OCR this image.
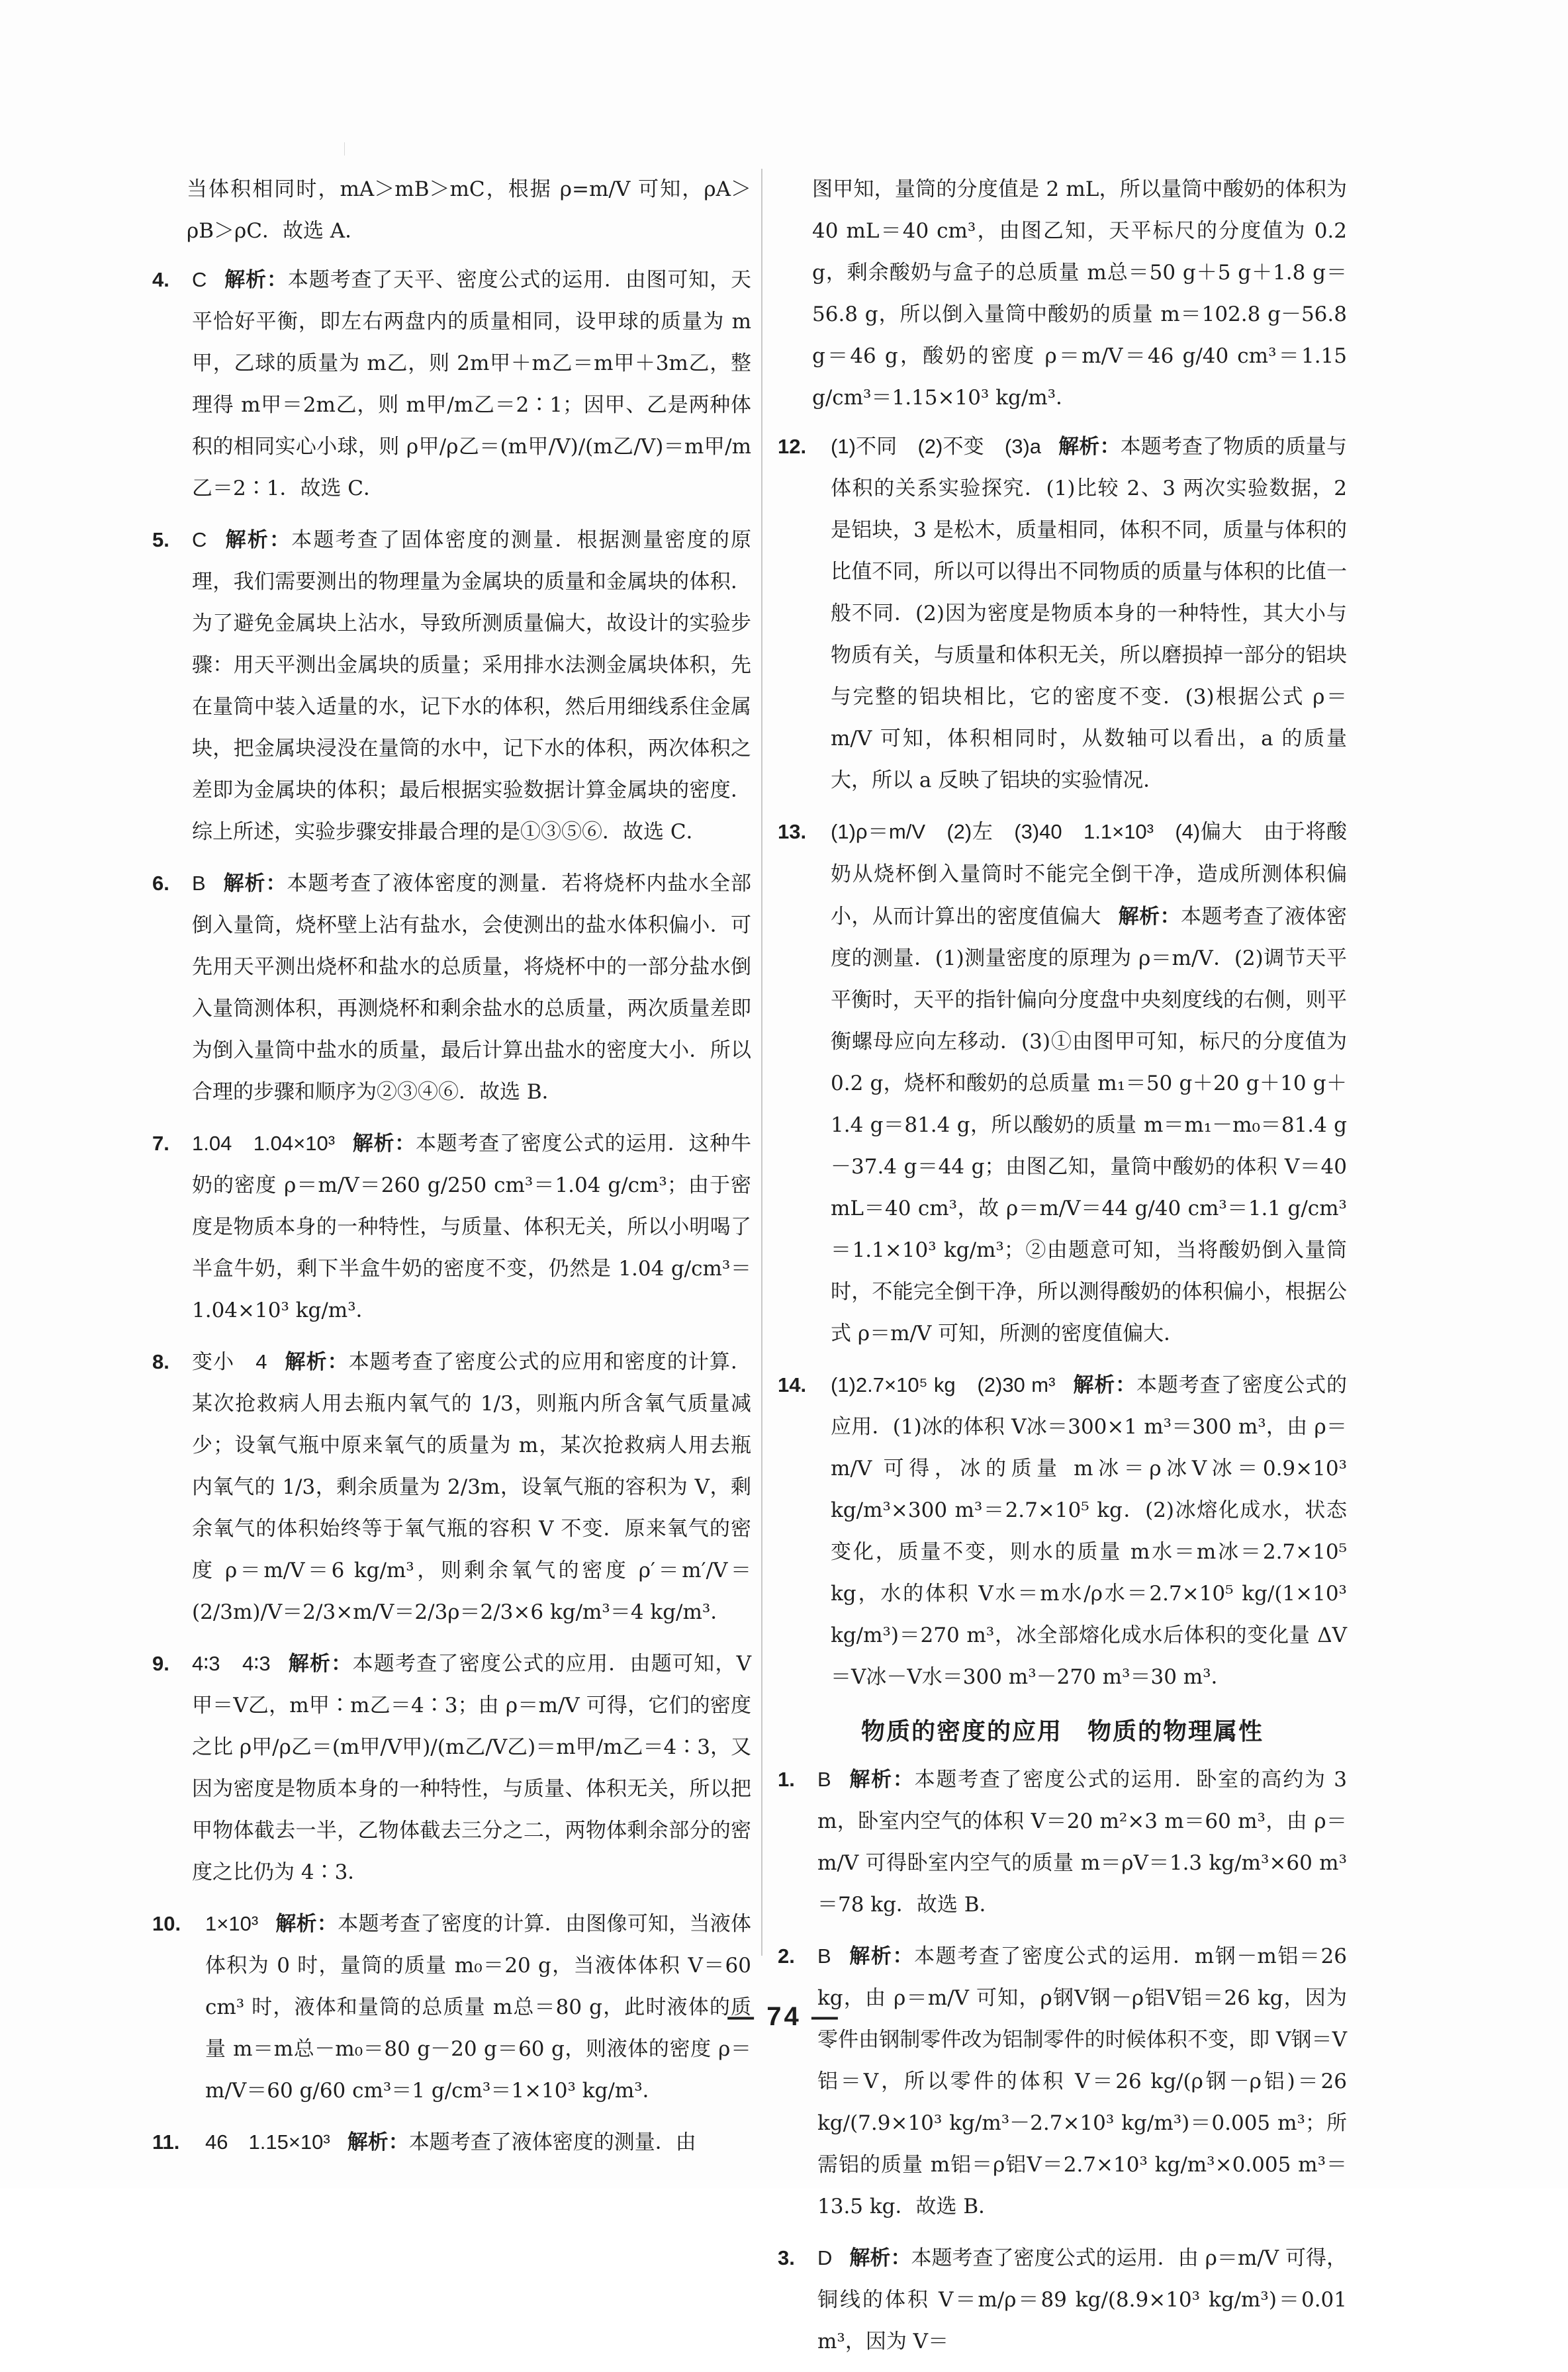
当体积相同时，mA＞mB＞mC，根据 ρ=m/V 可知，ρA＞ρB＞ρC．故选 A．
4. C 解析：本题考查了天平、密度公式的运用．由图可知，天平恰好平衡，即左右两盘内的质量相同，设甲球的质量为 m甲，乙球的质量为 m乙，则 2m甲＋m乙＝m甲＋3m乙，整理得 m甲＝2m乙，则 m甲/m乙＝2∶1；因甲、乙是两种体积的相同实心小球，则 ρ甲/ρ乙＝(m甲/V)/(m乙/V)＝m甲/m乙＝2∶1．故选 C．
5. C 解析：本题考查了固体密度的测量．根据测量密度的原理，我们需要测出的物理量为金属块的质量和金属块的体积．为了避免金属块上沾水，导致所测质量偏大，故设计的实验步骤：用天平测出金属块的质量；采用排水法测金属块体积，先在量筒中装入适量的水，记下水的体积，然后用细线系住金属块，把金属块浸没在量筒的水中，记下水的体积，两次体积之差即为金属块的体积；最后根据实验数据计算金属块的密度．综上所述，实验步骤安排最合理的是①③⑤⑥．故选 C．
6. B 解析：本题考查了液体密度的测量．若将烧杯内盐水全部倒入量筒，烧杯壁上沾有盐水，会使测出的盐水体积偏小．可先用天平测出烧杯和盐水的总质量，将烧杯中的一部分盐水倒入量筒测体积，再测烧杯和剩余盐水的总质量，两次质量差即为倒入量筒中盐水的质量，最后计算出盐水的密度大小．所以合理的步骤和顺序为②③④⑥．故选 B．
7. 1.04　1.04×10³ 解析：本题考查了密度公式的运用．这种牛奶的密度 ρ＝m/V＝260 g/250 cm³＝1.04 g/cm³；由于密度是物质本身的一种特性，与质量、体积无关，所以小明喝了半盒牛奶，剩下半盒牛奶的密度不变，仍然是 1.04 g/cm³＝1.04×10³ kg/m³．
8. 变小　4 解析：本题考查了密度公式的应用和密度的计算．某次抢救病人用去瓶内氧气的 1/3，则瓶内所含氧气质量减少；设氧气瓶中原来氧气的质量为 m，某次抢救病人用去瓶内氧气的 1/3，剩余质量为 2/3m，设氧气瓶的容积为 V，剩余氧气的体积始终等于氧气瓶的容积 V 不变．原来氧气的密度 ρ＝m/V＝6 kg/m³，则剩余氧气的密度 ρ′＝m′/V＝(2/3m)/V＝2/3×m/V＝2/3ρ＝2/3×6 kg/m³＝4 kg/m³．
9. 4∶3　4∶3 解析：本题考查了密度公式的应用．由题可知，V甲＝V乙，m甲∶m乙＝4∶3；由 ρ＝m/V 可得，它们的密度之比 ρ甲/ρ乙＝(m甲/V甲)/(m乙/V乙)＝m甲/m乙＝4∶3，又因为密度是物质本身的一种特性，与质量、体积无关，所以把甲物体截去一半，乙物体截去三分之二，两物体剩余部分的密度之比仍为 4∶3．
10. 1×10³ 解析：本题考查了密度的计算．由图像可知，当液体体积为 0 时，量筒的质量 m₀＝20 g，当液体体积 V＝60 cm³ 时，液体和量筒的总质量 m总＝80 g，此时液体的质量 m＝m总－m₀＝80 g－20 g＝60 g，则液体的密度 ρ＝m/V＝60 g/60 cm³＝1 g/cm³＝1×10³ kg/m³．
11. 46　1.15×10³ 解析：本题考查了液体密度的测量．由
图甲知，量筒的分度值是 2 mL，所以量筒中酸奶的体积为 40 mL＝40 cm³，由图乙知，天平标尺的分度值为 0.2 g，剩余酸奶与盒子的总质量 m总＝50 g＋5 g＋1.8 g＝56.8 g，所以倒入量筒中酸奶的质量 m＝102.8 g－56.8 g＝46 g，酸奶的密度 ρ＝m/V＝46 g/40 cm³＝1.15 g/cm³＝1.15×10³ kg/m³．
12. (1)不同　(2)不变　(3)a 解析：本题考查了物质的质量与体积的关系实验探究．(1)比较 2、3 两次实验数据，2 是铝块，3 是松木，质量相同，体积不同，质量与体积的比值不同，所以可以得出不同物质的质量与体积的比值一般不同．(2)因为密度是物质本身的一种特性，其大小与物质有关，与质量和体积无关，所以磨损掉一部分的铝块与完整的铝块相比，它的密度不变．(3)根据公式 ρ＝m/V 可知，体积相同时，从数轴可以看出，a 的质量大，所以 a 反映了铝块的实验情况．
13. (1)ρ＝m/V　(2)左　(3)40　1.1×10³　(4)偏大　由于将酸奶从烧杯倒入量筒时不能完全倒干净，造成所测体积偏小，从而计算出的密度值偏大 解析：本题考查了液体密度的测量．(1)测量密度的原理为 ρ＝m/V．(2)调节天平平衡时，天平的指针偏向分度盘中央刻度线的右侧，则平衡螺母应向左移动．(3)①由图甲可知，标尺的分度值为 0.2 g，烧杯和酸奶的总质量 m₁＝50 g＋20 g＋10 g＋1.4 g＝81.4 g，所以酸奶的质量 m＝m₁－m₀＝81.4 g－37.4 g＝44 g；由图乙知，量筒中酸奶的体积 V＝40 mL＝40 cm³，故 ρ＝m/V＝44 g/40 cm³＝1.1 g/cm³＝1.1×10³ kg/m³；②由题意可知，当将酸奶倒入量筒时，不能完全倒干净，所以测得酸奶的体积偏小，根据公式 ρ＝m/V 可知，所测的密度值偏大．
14. (1)2.7×10⁵ kg　(2)30 m³ 解析：本题考查了密度公式的应用．(1)冰的体积 V冰＝300×1 m³＝300 m³，由 ρ＝m/V 可得，冰的质量 m冰＝ρ冰V冰＝0.9×10³ kg/m³×300 m³＝2.7×10⁵ kg．(2)冰熔化成水，状态变化，质量不变，则水的质量 m水＝m冰＝2.7×10⁵ kg，水的体积 V水＝m水/ρ水＝2.7×10⁵ kg/(1×10³ kg/m³)＝270 m³，冰全部熔化成水后体积的变化量 ΔV＝V冰－V水＝300 m³－270 m³＝30 m³．
物质的密度的应用　物质的物理属性
1. B 解析：本题考查了密度公式的运用．卧室的高约为 3 m，卧室内空气的体积 V＝20 m²×3 m＝60 m³，由 ρ＝m/V 可得卧室内空气的质量 m＝ρV＝1.3 kg/m³×60 m³＝78 kg．故选 B．
2. B 解析：本题考查了密度公式的运用．m钢－m铝＝26 kg，由 ρ＝m/V 可知，ρ钢V钢－ρ铝V铝＝26 kg，因为零件由钢制零件改为铝制零件的时候体积不变，即 V钢＝V铝＝V，所以零件的体积 V＝26 kg/(ρ钢－ρ铝)＝26 kg/(7.9×10³ kg/m³－2.7×10³ kg/m³)＝0.005 m³；所需铝的质量 m铝＝ρ铝V＝2.7×10³ kg/m³×0.005 m³＝13.5 kg．故选 B．
3. D 解析：本题考查了密度公式的运用．由 ρ＝m/V 可得，铜线的体积 V＝m/ρ＝89 kg/(8.9×10³ kg/m³)＝0.01 m³，因为 V＝
— 74 —
